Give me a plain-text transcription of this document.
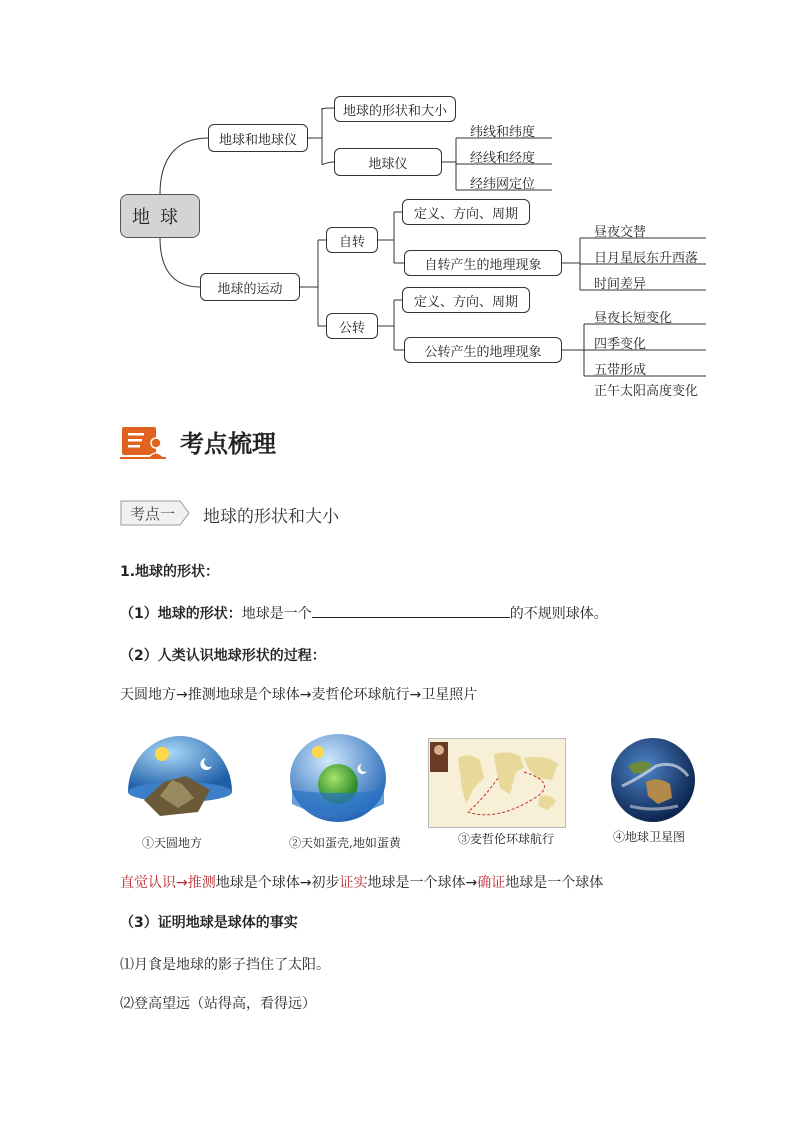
地球
地球和地球仪
地球的形状和大小
地球仪
纬线和纬度
经线和经度
经纬网定位
地球的运动
自转
定义、方向、周期
自转产生的地理现象
昼夜交替
日月星辰东升西落
时间差异
公转
定义、方向、周期
公转产生的地理现象
昼夜长短变化
四季变化
五带形成
正午太阳高度变化
考点梳理
考点一 地球的形状和大小
1.地球的形状：
（1）地球的形状：地球是一个	的不规则球体。
（2）人类认识地球形状的过程：
天圆地方→推测地球是个球体→麦哲伦环球航行→卫星照片
①天圆地方	②天如蛋壳,地如蛋黄	③麦哲伦环球航行	④地球卫星图
直觉认识→推测地球是个球体→初步证实地球是一个球体→确证地球是一个球体
（3）证明地球是球体的事实
⑴月食是地球的影子挡住了太阳。
⑵登高望远（站得高，看得远）
